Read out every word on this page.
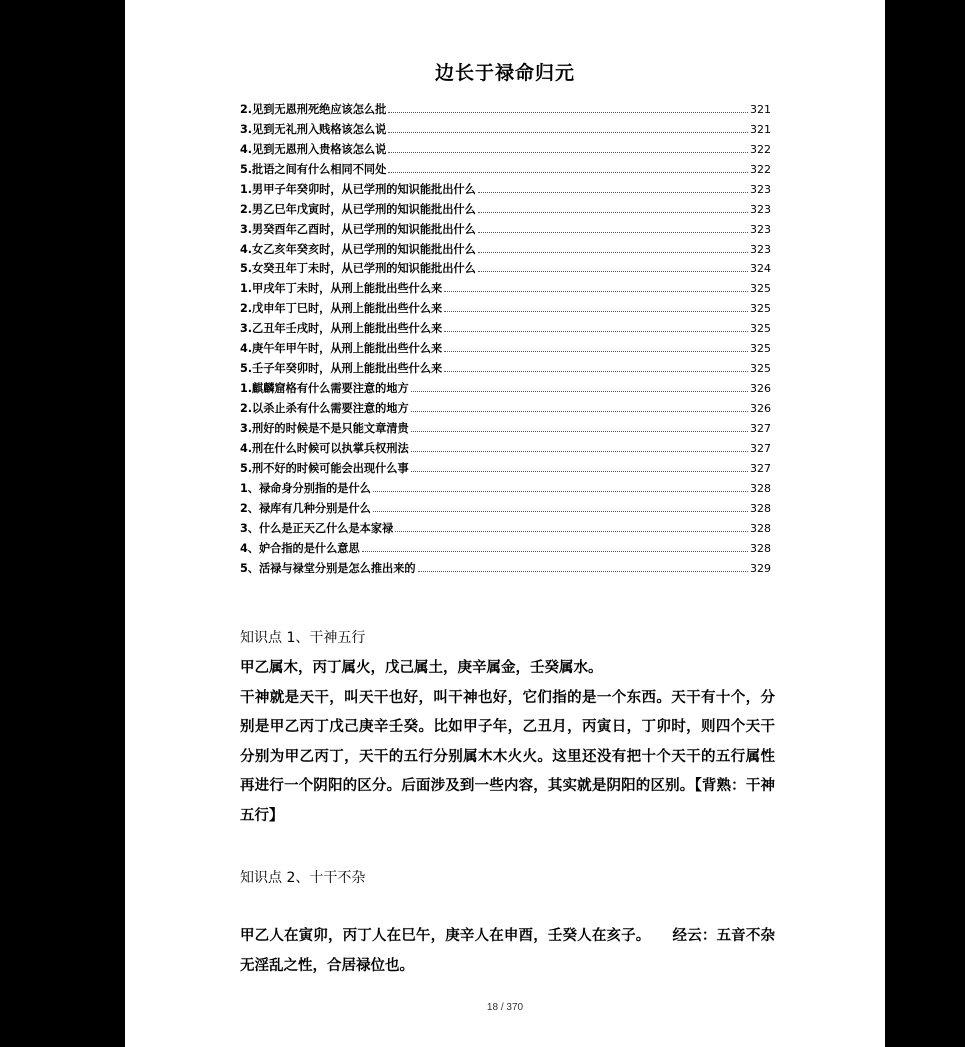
边长于禄命归元
2.见到无恩刑死绝应该怎么批	321
3.见到无礼刑入贱格该怎么说	321
4.见到无恩刑入贵格该怎么说	322
5.批语之间有什么相同不同处	322
1.男甲子年癸卯时，从已学刑的知识能批出什么	323
2.男乙巳年戊寅时，从已学刑的知识能批出什么	323
3.男癸酉年乙酉时，从已学刑的知识能批出什么	323
4.女乙亥年癸亥时，从已学刑的知识能批出什么	323
5.女癸丑年丁未时，从已学刑的知识能批出什么	324
1.甲戌年丁未时，从刑上能批出些什么来	325
2.戊申年丁巳时，从刑上能批出些什么来	325
3.乙丑年壬戌时，从刑上能批出些什么来	325
4.庚午年甲午时，从刑上能批出些什么来	325
5.壬子年癸卯时，从刑上能批出些什么来	325
1.麒麟窟格有什么需要注意的地方	326
2.以杀止杀有什么需要注意的地方	326
3.刑好的时候是不是只能文章清贵	327
4.刑在什么时候可以执掌兵权刑法	327
5.刑不好的时候可能会出现什么事	327
1、禄命身分别指的是什么	328
2、禄库有几种分别是什么	328
3、什么是正天乙什么是本家禄	328
4、妒合指的是什么意思	328
5、活禄与禄堂分别是怎么推出来的	329
知识点 1、干神五行
甲乙属木，丙丁属火，戊己属土，庚辛属金，壬癸属水。
干神就是天干，叫天干也好，叫干神也好，它们指的是一个东西。天干有十个，分别是甲乙丙丁戊己庚辛壬癸。比如甲子年，乙丑月，丙寅日，丁卯时，则四个天干分别为甲乙丙丁，天干的五行分别属木木火火。这里还没有把十个天干的五行属性再进行一个阴阳的区分。后面涉及到一些内容，其实就是阴阳的区别。【背熟：干神五行】
知识点 2、十干不杂
甲乙人在寅卯，丙丁人在巳午，庚辛人在申酉，壬癸人在亥子。　　经云：五音不杂无淫乱之性，合居禄位也。
18 / 370
